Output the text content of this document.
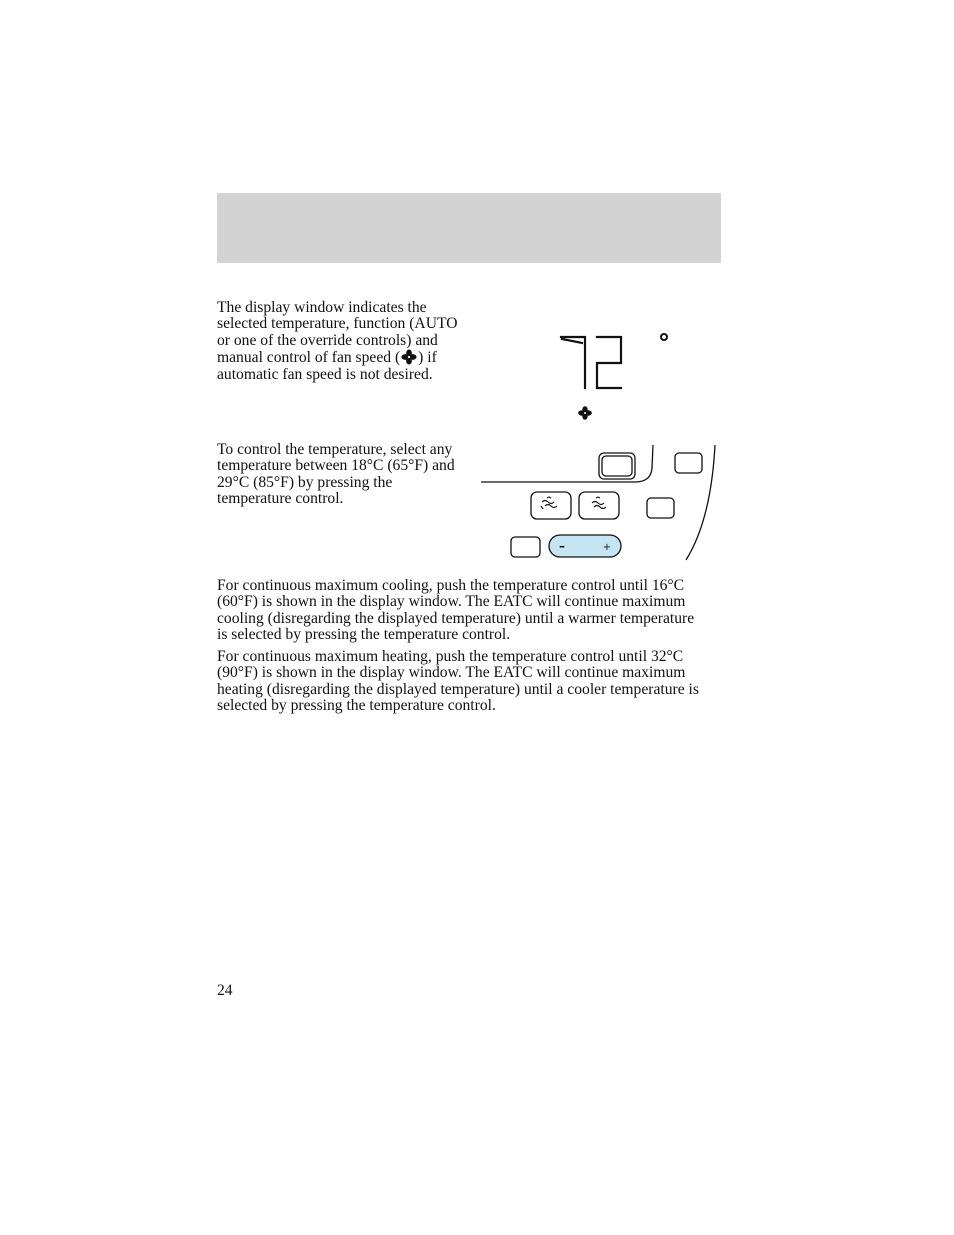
The display window indicates the selected temperature, function (AUTO or one of the override controls) and manual control of fan speed ( ) if automatic fan speed is not desired.

To control the temperature, select any temperature between 18°C (65°F) and 29°C (85°F) by pressing the temperature control.

–	+

For continuous maximum cooling, push the temperature control until 16°C (60°F) is shown in the display window. The EATC will continue maximum cooling (disregarding the displayed temperature) until a warmer temperature is selected by pressing the temperature control.

For continuous maximum heating, push the temperature control until 32°C (90°F) is shown in the display window. The EATC will continue maximum heating (disregarding the displayed temperature) until a cooler temperature is selected by pressing the temperature control.

24
